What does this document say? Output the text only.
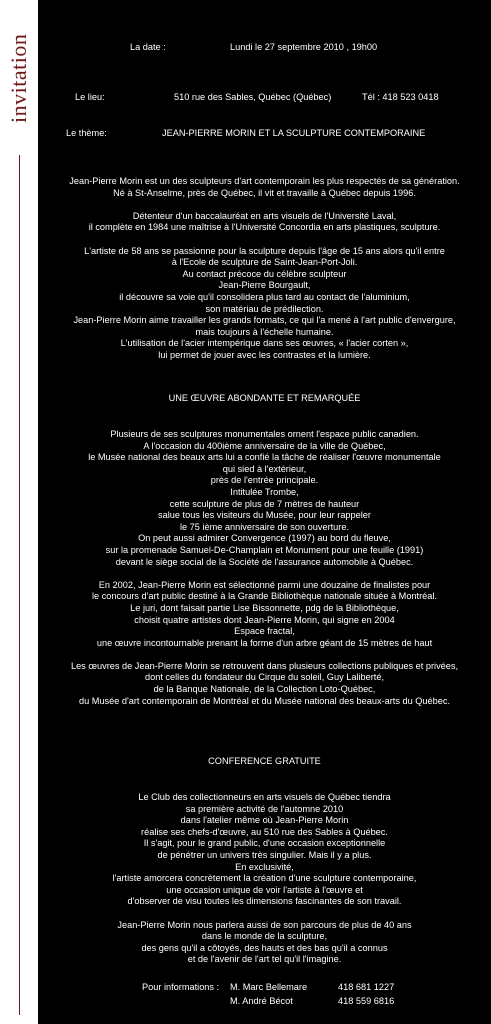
invitation	La date :	Lundi le 27 septembre 2010 , 19h00
Le lieu:	510 rue des Sables, Québec (Québec)	Tél : 418 523 0418
Le thème:	JEAN-PIERRE MORIN ET LA SCULPTURE CONTEMPORAINE
Jean-Pierre Morin est un des sculpteurs d'art contemporain les plus respectés de sa génération.
Né à St-Anselme, près de Québec, il vit et travaille à Québec depuis 1996.

Détenteur d'un baccalauréat en arts visuels de l'Université Laval,
il complète en 1984 une maîtrise à l'Université Concordia en arts plastiques, sculpture.

L'artiste de 58 ans se passionne pour la sculpture depuis l'âge de 15 ans alors qu'il entre
à l'Ecole de sculpture de Saint-Jean-Port-Joli.
Au contact précoce du célèbre sculpteur
Jean-Pierre Bourgault,
il découvre sa voie qu'il consolidera plus tard au contact de l'aluminium,
son matériau de prédilection.
Jean-Pierre Morin aime travailler les grands formats, ce qui l'a mené à l'art public d'envergure,
mais toujours à l'échelle humaine.
L'utilisation de l'acier intempérique dans ses œuvres, « l'acier corten »,
lui permet de jouer avec les contrastes et la lumière.
UNE ŒUVRE ABONDANTE ET REMARQUÉE
Plusieurs de ses sculptures monumentales ornent l'espace public canadien.
A l'occasion du 400ième anniversaire de la ville de Québec,
le Musée national des beaux arts lui a confié la tâche de réaliser l'œuvre monumentale
qui sied à l'extérieur,
près de l'entrée principale.
Intitulée Trombe,
cette sculpture de plus de 7 mètres de hauteur
salue tous les visiteurs du Musée, pour leur rappeler
le 75 ième anniversaire de son ouverture.
On peut aussi admirer Convergence (1997) au bord du fleuve,
sur la promenade Samuel-De-Champlain et Monument pour une feuille (1991)
devant le siège social de la Société de l'assurance automobile à Québec.

En 2002, Jean-Pierre Morin est sélectionné parmi une douzaine de finalistes pour
le concours d'art public destiné à la Grande Bibliothèque nationale située à Montréal.
Le juri, dont faisait partie Lise Bissonnette, pdg de la Bibliothèque,
choisit quatre artistes dont Jean-Pierre Morin, qui signe en 2004
Espace fractal,
une œuvre incontournable prenant la forme d'un arbre géant de 15 mètres de haut

Les œuvres de Jean-Pierre Morin se retrouvent dans plusieurs collections publiques et privées,
dont celles du fondateur du Cirque du soleil, Guy Laliberté,
de la Banque Nationale, de la Collection Loto-Québec,
du Musée d'art contemporain de Montréal et du Musée national des beaux-arts du Québec.
CONFERENCE GRATUITE
Le Club des collectionneurs en arts visuels de Québec tiendra
sa première activité de l'automne 2010
dans l'atelier même où Jean-Pierre Morin
réalise ses chefs-d'œuvre, au 510 rue des Sables à Québec.
Il s'agit, pour le grand public, d'une occasion exceptionnelle
de pénétrer un univers très singulier. Mais il y a plus.
En exclusivité,
l'artiste amorcera concrètement la création d'une sculpture contemporaine,
une occasion unique de voir l'artiste à l'œuvre et
d'observer de visu toutes les dimensions fascinantes de son travail.

Jean-Pierre Morin nous parlera aussi de son parcours de plus de 40 ans
dans le monde de la sculpture,
des gens qu'il a côtoyés, des hauts et des bas qu'il a connus
et de l'avenir de l'art tel qu'il l'imagine.
Pour informations : M. Marc Bellemare	418 681 1227
M. André Bécot	418 559 6816
